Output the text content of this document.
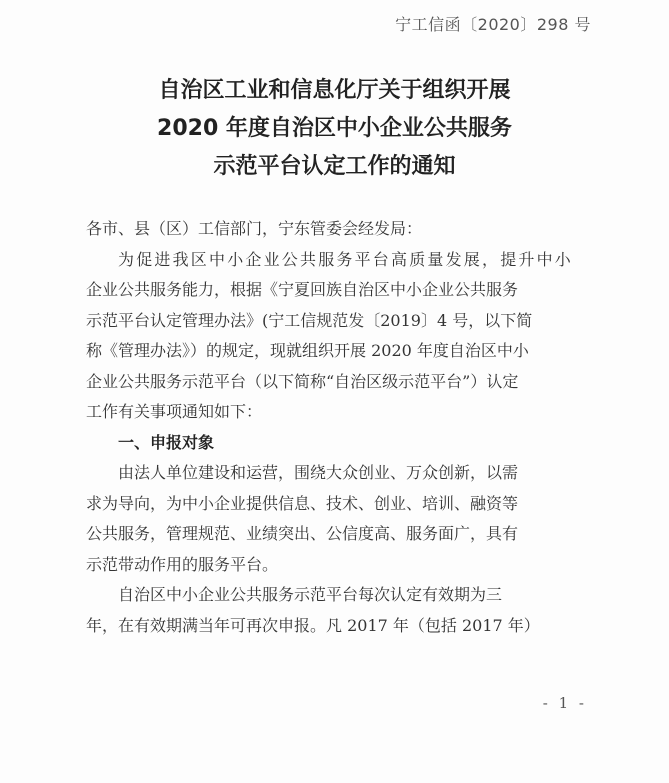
宁工信函〔2020〕298 号
自治区工业和信息化厅关于组织开展
2020 年度自治区中小企业公共服务
示范平台认定工作的通知
各市、县（区）工信部门，宁东管委会经发局：
为促进我区中小企业公共服务平台高质量发展，提升中小
企业公共服务能力，根据《宁夏回族自治区中小企业公共服务
示范平台认定管理办法》(宁工信规范发〔2019〕4 号，以下简
称《管理办法》）的规定，现就组织开展 2020 年度自治区中小
企业公共服务示范平台（以下简称“自治区级示范平台”）认定
工作有关事项通知如下：
一、申报对象
由法人单位建设和运营，围绕大众创业、万众创新，以需
求为导向，为中小企业提供信息、技术、创业、培训、融资等
公共服务，管理规范、业绩突出、公信度高、服务面广，具有
示范带动作用的服务平台。
自治区中小企业公共服务示范平台每次认定有效期为三
年，在有效期满当年可再次申报。凡 2017 年（包括 2017 年）
- 1 -
